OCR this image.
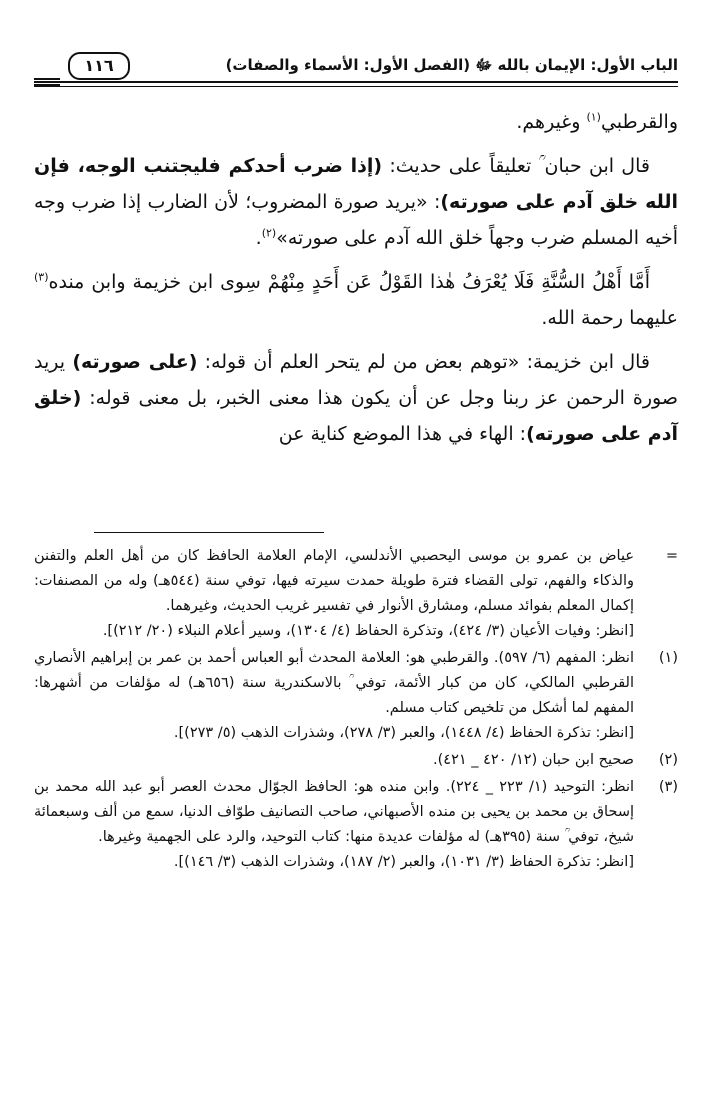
الباب الأول: الإيمان بالله ﷻ (الفصل الأول: الأسماء والصفات)
١١٦

والقرطبي$^{(١)}$ وغيرهم.

قال ابن حبان ؒ تعليقاً على حديث: (إذا ضرب أحدكم فليجتنب الوجه، فإن الله خلق آدم على صورته): «يريد صورة المضروب؛ لأن الضارب إذا ضرب وجه أخيه المسلم ضرب وجهاً خلق الله آدم على صورته»$^{(٢)}$.

أَمَّا أَهْلُ السُّنَّةِ فَلَا يُعْرَفُ هٰذا القَوْلُ عَن أَحَدٍ مِنْهُمْ سِوى ابن خزيمة وابن منده$^{(٣)}$ عليهما رحمة الله.

قال ابن خزيمة: «توهم بعض من لم يتحر العلم أن قوله: (على صورته) يريد صورة الرحمن عز ربنا وجل عن أن يكون هذا معنى الخبر، بل معنى قوله: (خلق آدم على صورته): الهاء في هذا الموضع كناية عن

=
عياض بن عمرو بن موسى اليحصبي الأندلسي، الإمام العلامة الحافظ كان من أهل العلم والتفنن والذكاء والفهم، تولى القضاء فترة طويلة حمدت سيرته فيها، توفي سنة (٥٤٤هـ) وله من المصنفات: إكمال المعلم بفوائد مسلم، ومشارق الأنوار في تفسير غريب الحديث، وغيرهما.
[انظر: وفيات الأعيان (٣/ ٤٢٤)، وتذكرة الحفاظ (٤/ ١٣٠٤)، وسير أعلام النبلاء (٢٠/ ٢١٢)].
(١)
انظر: المفهم (٦/ ٥٩٧). والقرطبي هو: العلامة المحدث أبو العباس أحمد بن عمر بن إبراهيم الأنصاري القرطبي المالكي، كان من كبار الأئمة، توفي ؒ بالاسكندرية سنة (٦٥٦هـ) له مؤلفات من أشهرها: المفهم لما أشكل من تلخيص كتاب مسلم.
[انظر: تذكرة الحفاظ (٤/ ١٤٤٨)، والعبر (٣/ ٢٧٨)، وشذرات الذهب (٥/ ٢٧٣)].
(٢)
صحيح ابن حبان (١٢/ ٤٢٠ _ ٤٢١).
(٣)
انظر: التوحيد (١/ ٢٢٣ _ ٢٢٤). وابن منده هو: الحافظ الجوّال محدث العصر أبو عبد الله محمد بن إسحاق بن محمد بن يحيى بن منده الأصبهاني، صاحب التصانيف طوّاف الدنيا، سمع من ألف وسبعمائة شيخ، توفي ؒ سنة (٣٩٥هـ) له مؤلفات عديدة منها: كتاب التوحيد، والرد على الجهمية وغيرها.
[انظر: تذكرة الحفاظ (٣/ ١٠٣١)، والعبر (٢/ ١٨٧)، وشذرات الذهب (٣/ ١٤٦)].
